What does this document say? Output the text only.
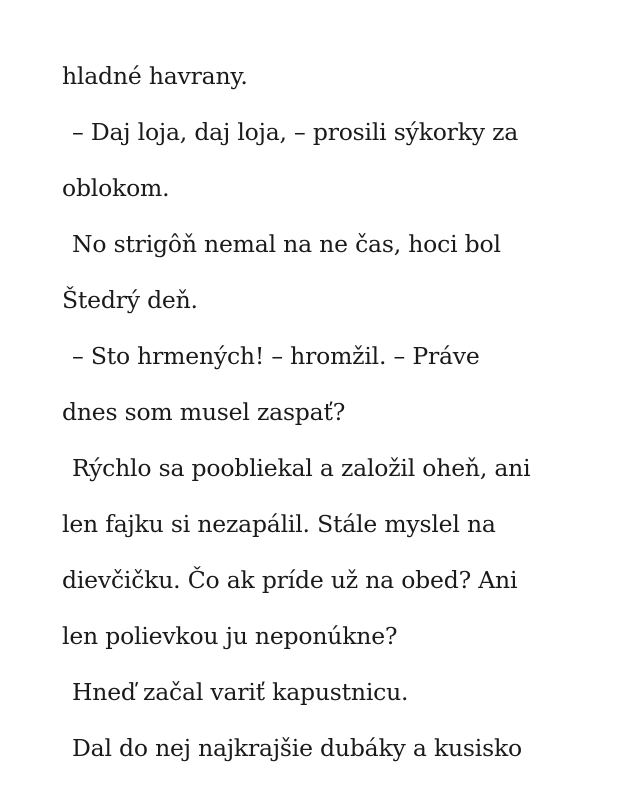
hladné havrany.
– Daj loja, daj loja, – prosili sýkorky za
oblokom.
No strigôň nemal na ne čas, hoci bol
Štedrý deň.
– Sto hrmených! – hromžil. – Práve
dnes som musel zaspať?
Rýchlo sa poobliekal a založil oheň, ani
len fajku si nezapálil. Stále myslel na
dievčičku. Čo ak príde už na obed? Ani
len polievkou ju neponúkne?
Hneď začal variť kapustnicu.
Dal do nej najkrajšie dubáky a kusisko
